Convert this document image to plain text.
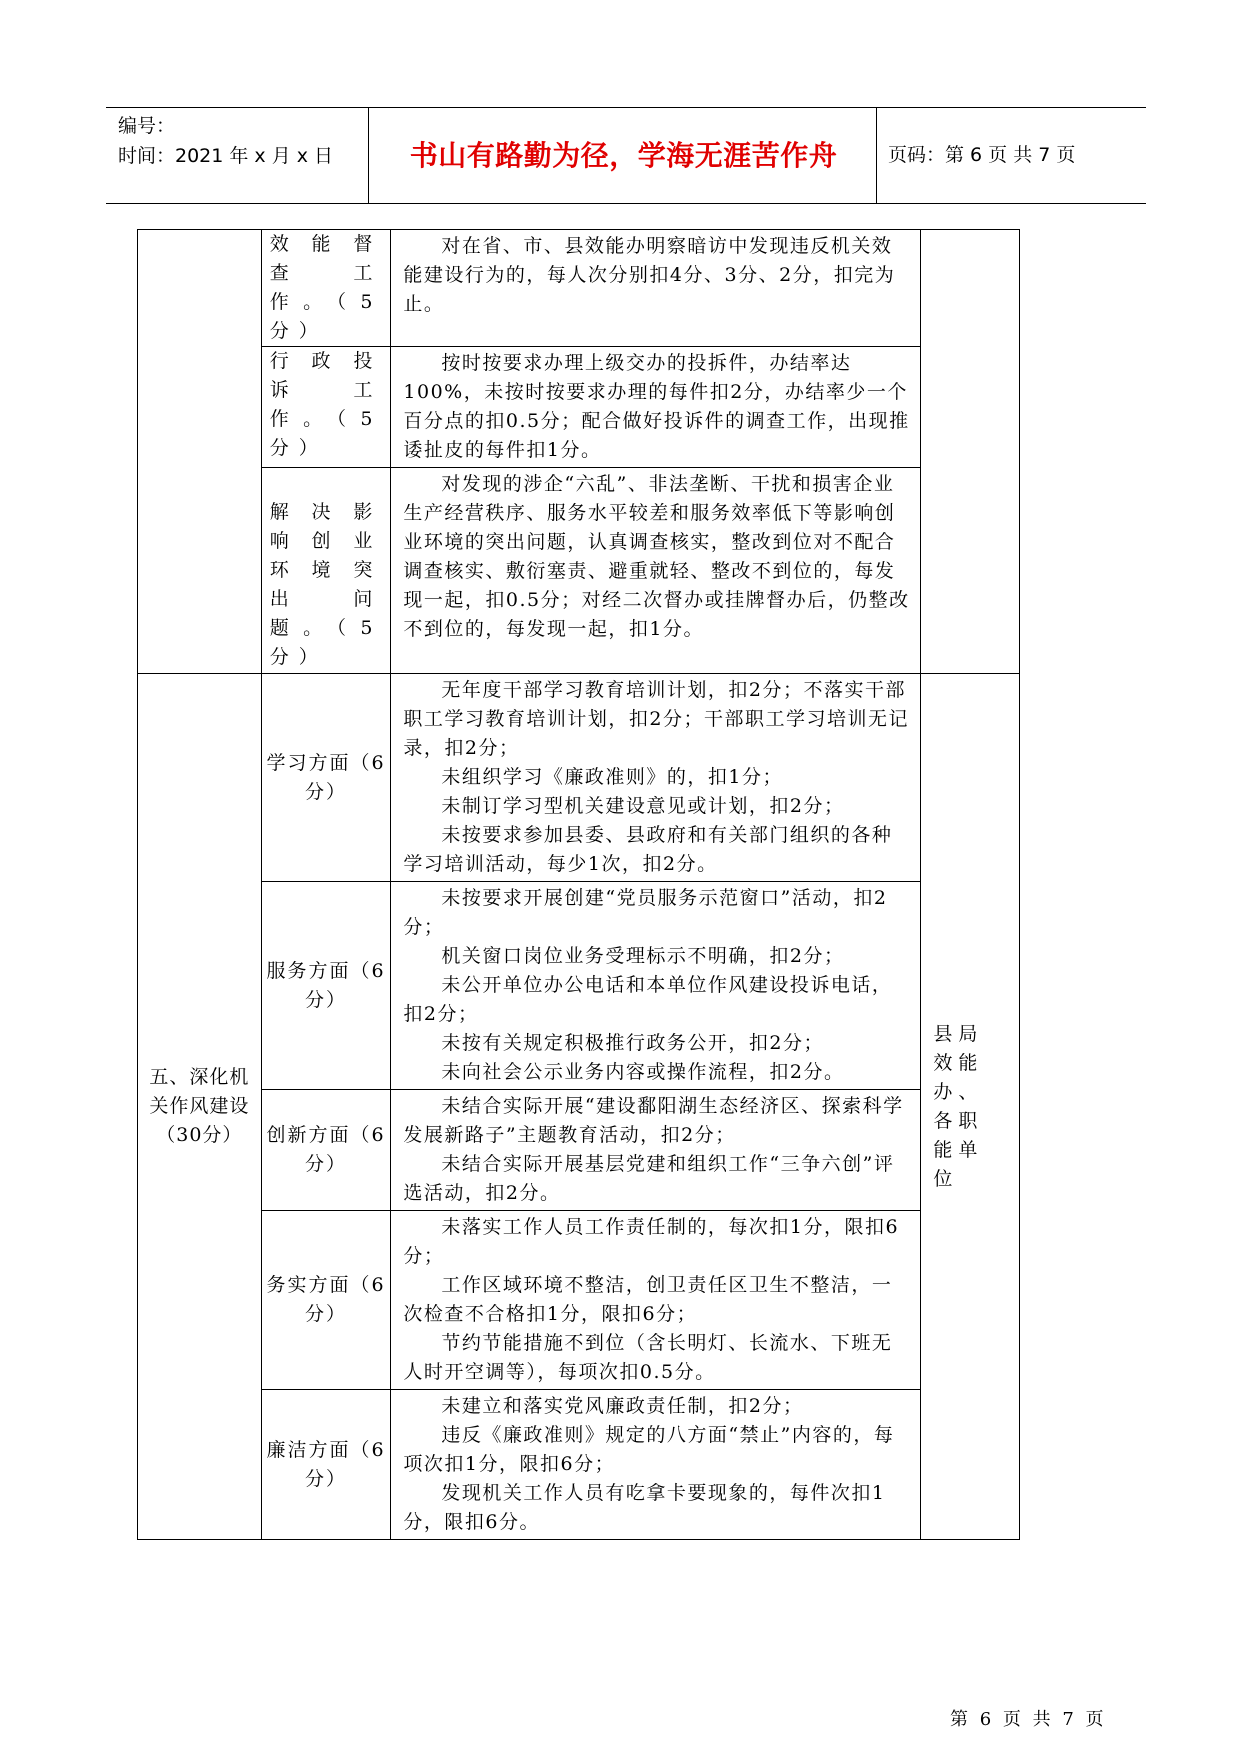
编号：
时间：2021 年 x 月 x 日	书山有路勤为径，学海无涯苦作舟	页码：第 6 页 共 7 页
	效能督查工作。（5分）	对在省、市、县效能办明察暗访中发现违反机关效能建设行为的，每人次分别扣4分、3分、2分，扣完为止。	

	行政投诉工作。（5分）	按时按要求办理上级交办的投拆件，办结率达100%，未按时按要求办理的每件扣2分，办结率少一个百分点的扣0.5分；配合做好投诉件的调查工作，出现推诿扯皮的每件扣1分。	

	解决影响创业环境突出问题。（5分）	对发现的涉企“六乱”、非法垄断、干扰和损害企业生产经营秩序、服务水平较差和服务效率低下等影响创业环境的突出问题，认真调查核实，整改到位对不配合调查核实、敷衍塞责、避重就轻、整改不到位的，每发现一起，扣0.5分；对经二次督办或挂牌督办后，仍整改不到位的，每发现一起，扣1分。	

五、深化机关作风建设（30分）	学习方面（6分）	无年度干部学习教育培训计划，扣2分；不落实干部职工学习教育培训计划，扣2分；干部职工学习培训无记录，扣2分；

未组织学习《廉政准则》的，扣1分；

未制订学习型机关建设意见或计划，扣2分；

未按要求参加县委、县政府和有关部门组织的各种学习培训活动，每少1次，扣2分。	县局效能办、各职能单位
	服务方面（6分）	未按要求开展创建“党员服务示范窗口”活动，扣2分；

机关窗口岗位业务受理标示不明确，扣2分；

未公开单位办公电话和本单位作风建设投诉电话，扣2分；

未按有关规定积极推行政务公开，扣2分；

未向社会公示业务内容或操作流程，扣2分。	

	创新方面（6分）	未结合实际开展“建设鄱阳湖生态经济区、探索科学发展新路子”主题教育活动，扣2分；

未结合实际开展基层党建和组织工作“三争六创”评选活动，扣2分。	

	务实方面（6分）	未落实工作人员工作责任制的，每次扣1分，限扣6分；

工作区域环境不整洁，创卫责任区卫生不整洁，一次检查不合格扣1分，限扣6分；

节约节能措施不到位（含长明灯、长流水、下班无人时开空调等），每项次扣0.5分。	

	廉洁方面（6分）	未建立和落实党风廉政责任制，扣2分；

违反《廉政准则》规定的八方面“禁止”内容的，每项次扣1分，限扣6分；

发现机关工作人员有吃拿卡要现象的，每件次扣1分，限扣6分。	

第 6 页 共 7 页
